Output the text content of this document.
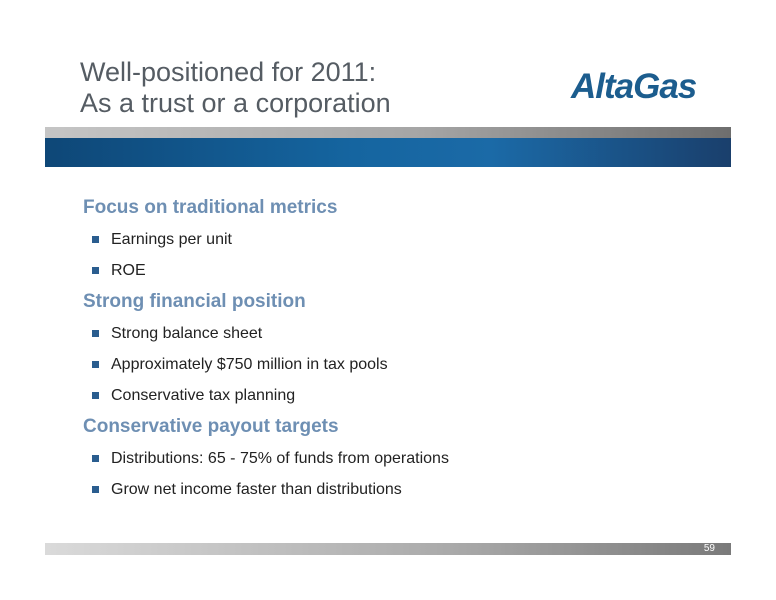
Well-positioned for 2011:
As a trust or a corporation	AltaGas
Focus on traditional metrics
Earnings per unit
ROE
Strong financial position
Strong balance sheet
Approximately $750 million in tax pools
Conservative tax planning
Conservative payout targets
Distributions: 65 - 75% of funds from operations
Grow net income faster than distributions
59
